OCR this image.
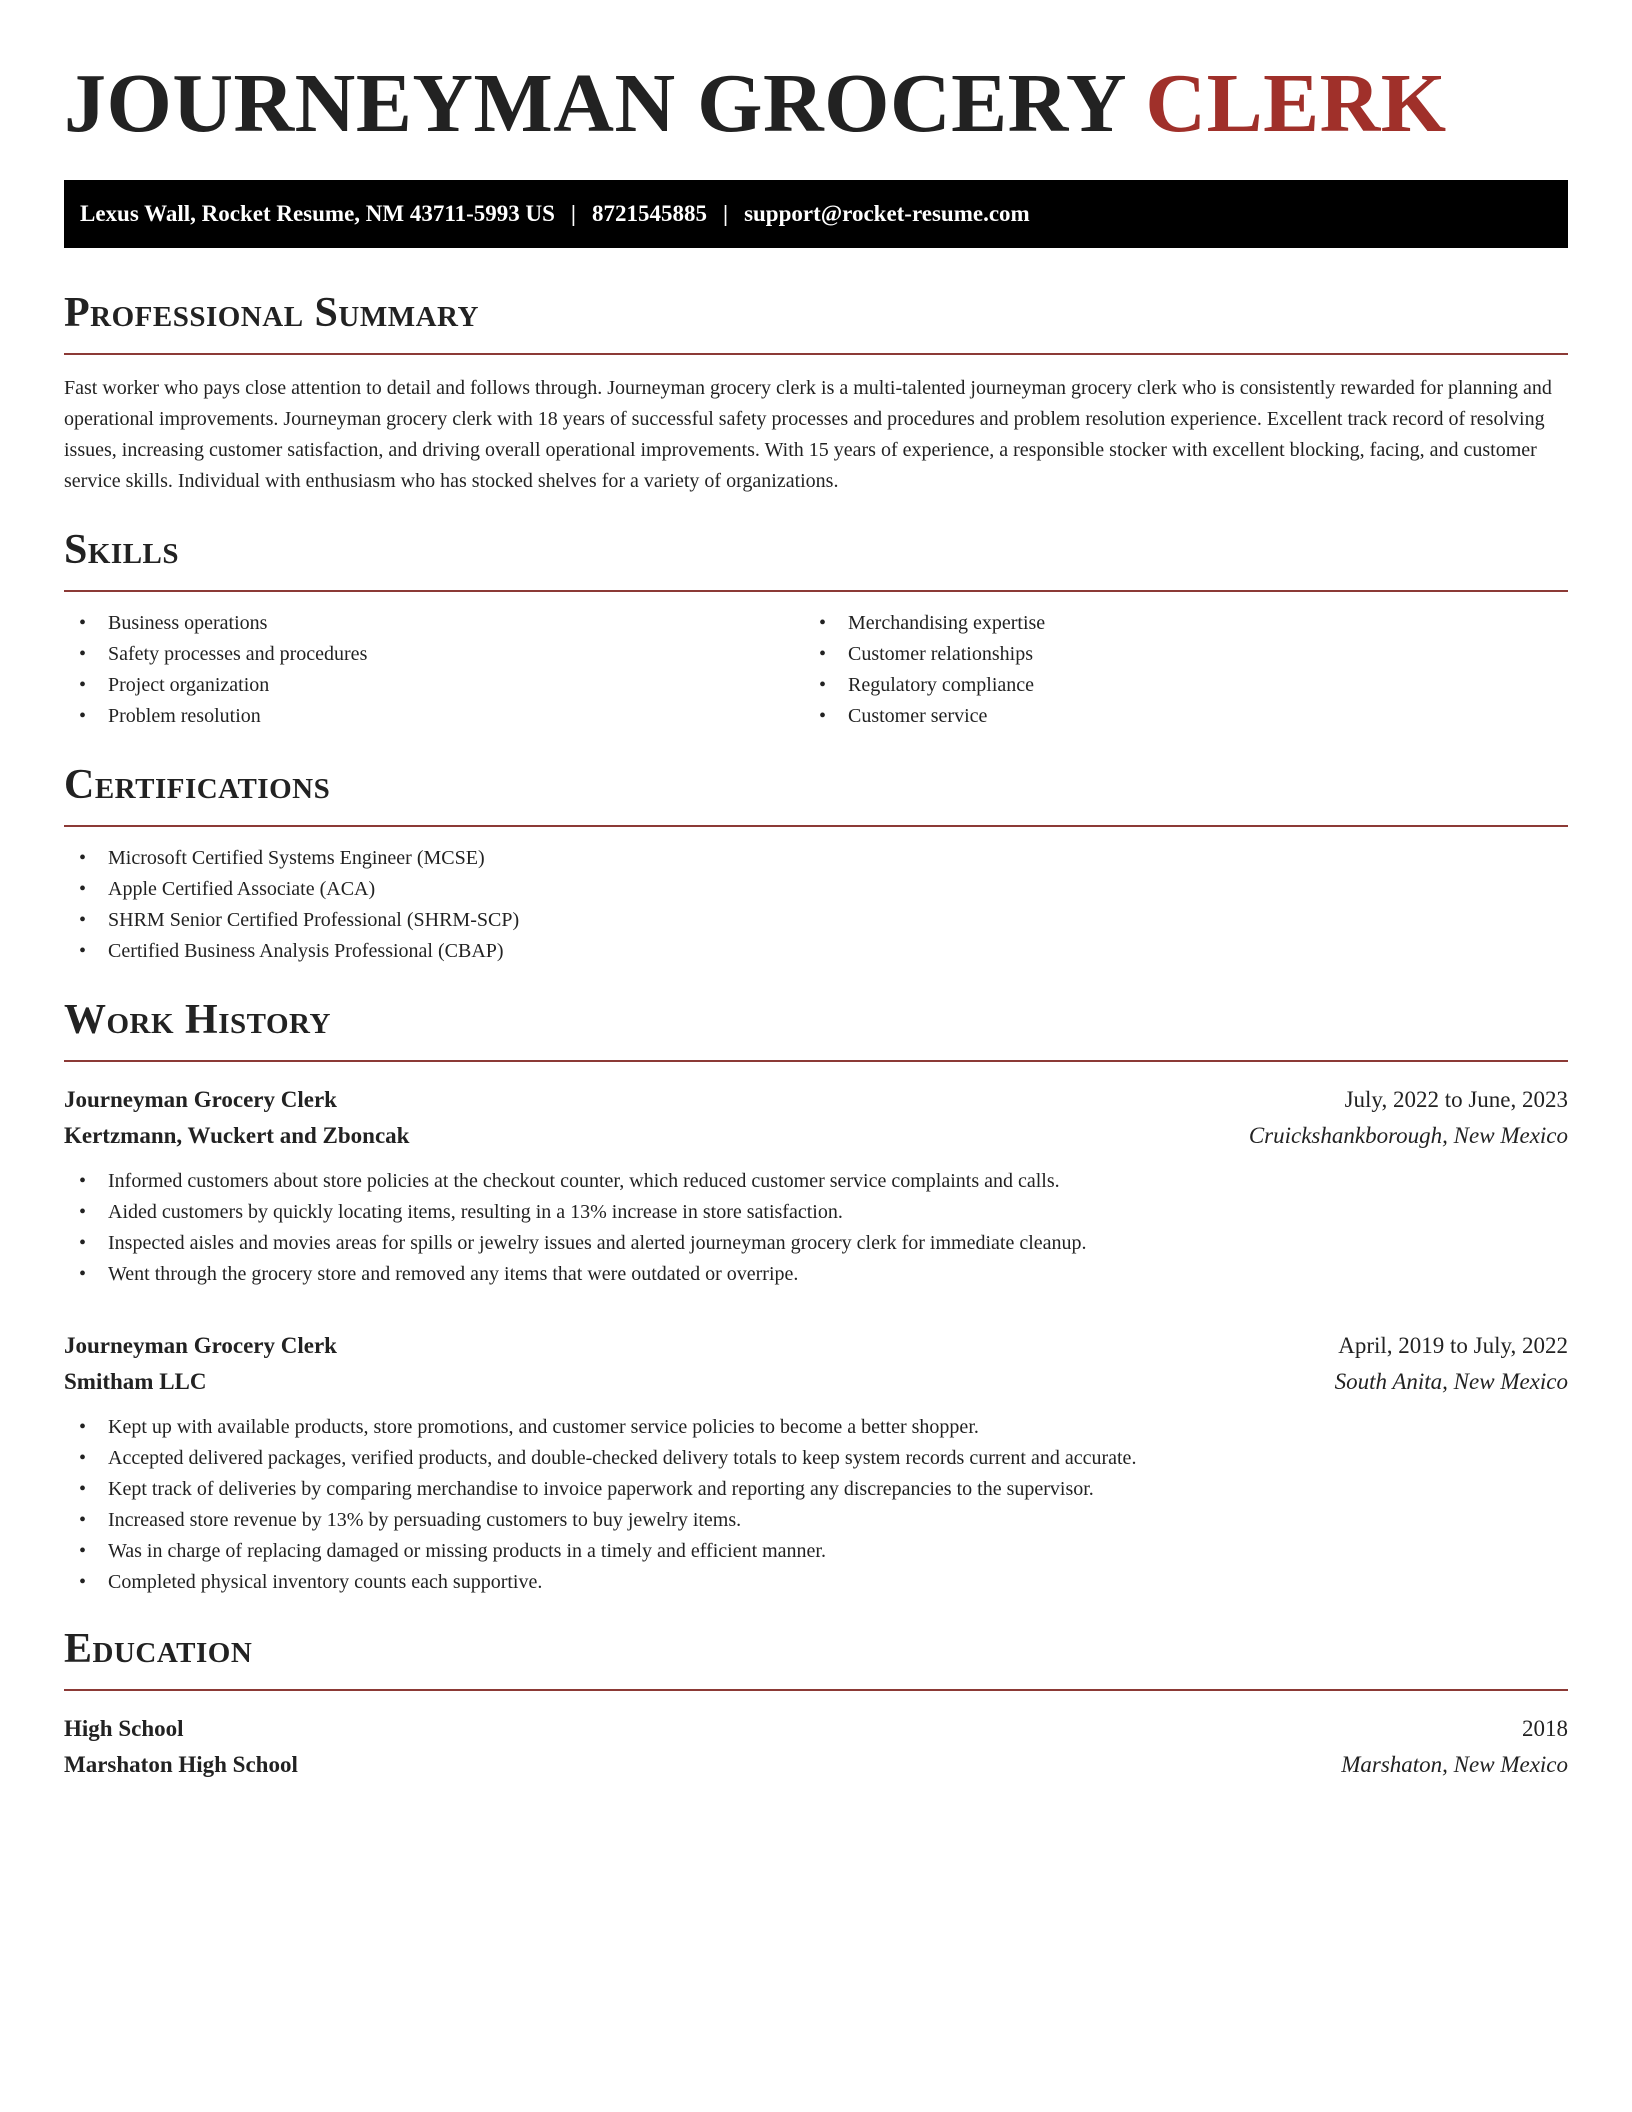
JOURNEYMAN GROCERY CLERK
Lexus Wall, Rocket Resume, NM 43711-5993 US | 8721545885 | support@rocket-resume.com
Professional Summary

Fast worker who pays close attention to detail and follows through. Journeyman grocery clerk is a multi-talented journeyman grocery clerk who is consistently rewarded for planning and operational improvements. Journeyman grocery clerk with 18 years of successful safety processes and procedures and problem resolution experience. Excellent track record of resolving issues, increasing customer satisfaction, and driving overall operational improvements. With 15 years of experience, a responsible stocker with excellent blocking, facing, and customer service skills. Individual with enthusiasm who has stocked shelves for a variety of organizations.

Skills
• Business operations
• Safety processes and procedures
• Project organization
• Problem resolution
• Merchandising expertise
• Customer relationships
• Regulatory compliance
• Customer service
Certifications
• Microsoft Certified Systems Engineer (MCSE)
• Apple Certified Associate (ACA)
• SHRM Senior Certified Professional (SHRM-SCP)
• Certified Business Analysis Professional (CBAP)
Work History
Journeyman Grocery Clerk	July, 2022 to June, 2023
Kertzmann, Wuckert and Zboncak	Cruickshankborough, New Mexico
• Informed customers about store policies at the checkout counter, which reduced customer service complaints and calls.
• Aided customers by quickly locating items, resulting in a 13% increase in store satisfaction.
• Inspected aisles and movies areas for spills or jewelry issues and alerted journeyman grocery clerk for immediate cleanup.
• Went through the grocery store and removed any items that were outdated or overripe.
Journeyman Grocery Clerk	April, 2019 to July, 2022
Smitham LLC	South Anita, New Mexico
• Kept up with available products, store promotions, and customer service policies to become a better shopper.
• Accepted delivered packages, verified products, and double-checked delivery totals to keep system records current and accurate.
• Kept track of deliveries by comparing merchandise to invoice paperwork and reporting any discrepancies to the supervisor.
• Increased store revenue by 13% by persuading customers to buy jewelry items.
• Was in charge of replacing damaged or missing products in a timely and efficient manner.
• Completed physical inventory counts each supportive.
Education
High School	2018
Marshaton High School	Marshaton, New Mexico
